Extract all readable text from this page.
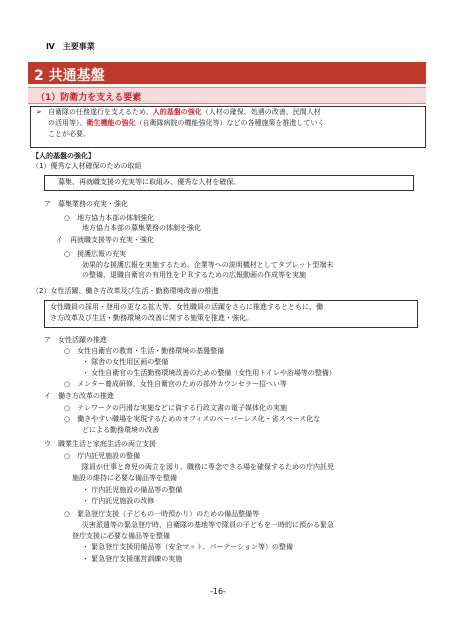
Ⅳ　主要事業
2 共通基盤
（1）防衛力を支える要素
➢ 自衛隊の任務遂行を支えるため、人的基盤の強化（人材の確保、処遇の改善、民間人材
の活用等）、衛生機能の強化（自衛隊病院の機能強化等）などの各種施策を推進していく
ことが必要。
【人的基盤の強化】
（1）優秀な人材確保のための取組
募集、再就職支援の充実等に取組み、優秀な人材を確保。
ア　募集業務の充実・強化
○　地方協力本部の体制強化
地方協力本部の募集業務の体制を強化
イ　再就職支援等の充実・強化
○　援護広報の充実
効果的な援護広報を実施するため、企業等への説明機材としてタブレット型端末
の整備、退職自衛官の有用性をＰＲするための広報動画の作成等を実施
（2）女性活躍、働き方改革及び生活・勤務環境改善の推進
女性職員の採用・登用の更なる拡大等、女性職員の活躍をさらに推進するとともに、働
き方改革及び生活・勤務環境の改善に関する施策を推進・強化。
ア　女性活躍の推進
○　女性自衛官の教育・生活・勤務環境の基盤整備
・ 隊舎の女性用区画の整備
・ 女性自衛官の生活勤務環境改善のための整備（女性用トイレや浴場等の整備）
○　メンター養成研修、女性自衛官のための部外カウンセラー招へい等
イ　働き方改革の推進
○　テレワークの円滑な実施などに資する行政文書の電子媒体化の実施
○　働きやすい職場を実現するためのオフィスのペーパーレス化・省スペース化な
どによる勤務環境の改善
ウ　職業生活と家庭生活の両立支援
○　庁内託児施設の整備
隊員が仕事と育児の両立を図り、職務に専念できる場を確保するための庁内託児
施設の維持に必要な備品等を整備
・ 庁内託児施設の備品等の整備
・ 庁内託児施設の改修
○　緊急登庁支援（子どもの一時預かり）のための備品整備等
災害派遣等の緊急登庁時、自衛隊の基地等で隊員の子どもを一時的に預かる緊急
登庁支援に必要な備品等を整備
・ 緊急登庁支援用備品等（安全マット、パーテーション等）の整備
・ 緊急登庁支援運営訓練の実施
-16-
